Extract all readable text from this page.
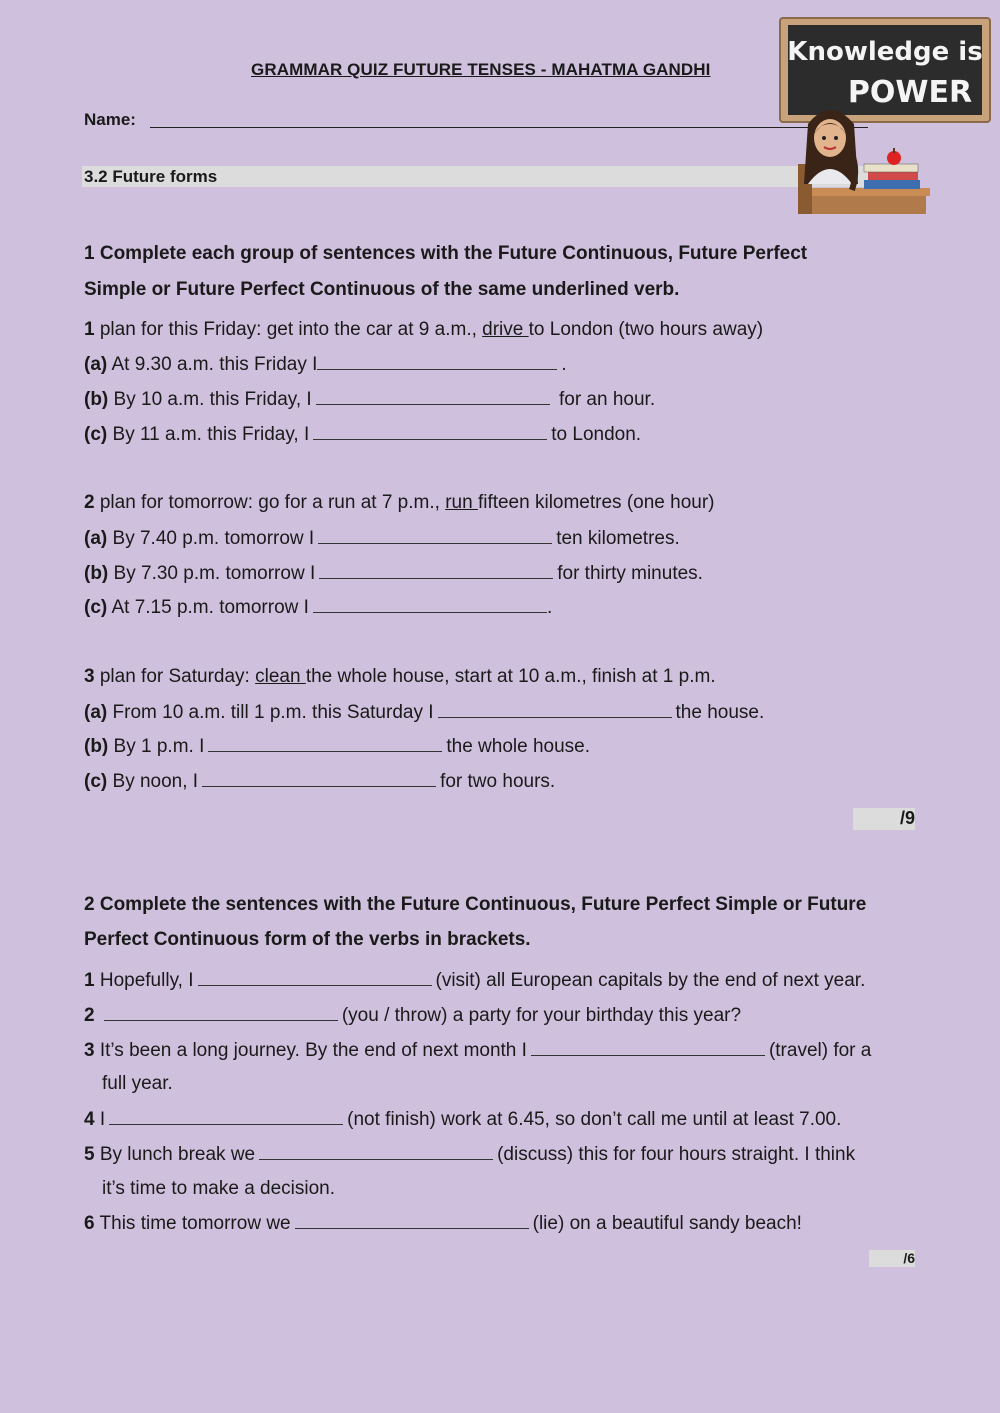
GRAMMAR QUIZ FUTURE TENSES - MAHATMA GANDHI
Name:
3.2 Future forms
Knowledge is
POWER
1 Complete each group of sentences with the Future Continuous, Future Perfect
Simple or Future Perfect Continuous of the same underlined verb.
1 plan for this Friday: get into the car at 9 a.m., drive to London (two hours away)
(a) At 9.30 a.m. this Friday I	.
(b) By 10 a.m. this Friday, I	for an hour.
(c) By 11 a.m. this Friday, I	to London.
2 plan for tomorrow: go for a run at 7 p.m., run fifteen kilometres (one hour)
(a) By 7.40 p.m. tomorrow I	ten kilometres.
(b) By 7.30 p.m. tomorrow I	for thirty minutes.
(c) At 7.15 p.m. tomorrow I	.
3 plan for Saturday: clean the whole house, start at 10 a.m., finish at 1 p.m.
(a) From 10 a.m. till 1 p.m. this Saturday I	the house.
(b) By 1 p.m. I	the whole house.
(c) By noon, I	for two hours.
/9
2 Complete the sentences with the Future Continuous, Future Perfect Simple or Future
Perfect Continuous form of the verbs in brackets.
1 Hopefully, I	(visit) all European capitals by the end of next year.
2	(you / throw) a party for your birthday this year?
3 It’s been a long journey. By the end of next month I	(travel) for a
full year.
4 I	(not finish) work at 6.45, so don’t call me until at least 7.00.
5 By lunch break we	(discuss) this for four hours straight. I think
it’s time to make a decision.
6 This time tomorrow we	(lie) on a beautiful sandy beach!
/6
